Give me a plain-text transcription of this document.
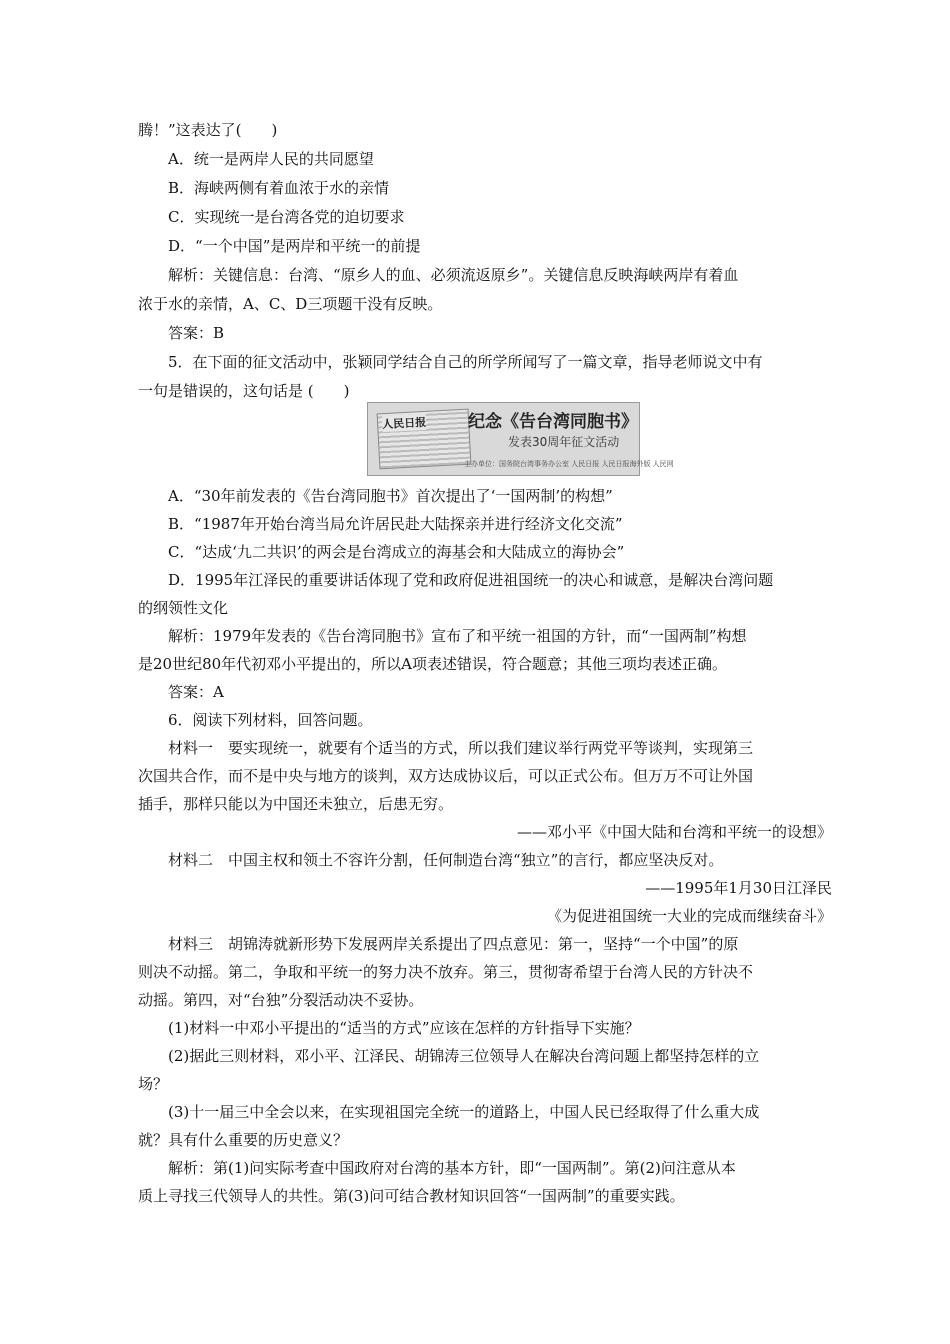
腾！”这表达了(　　)
A．统一是两岸人民的共同愿望
B．海峡两侧有着血浓于水的亲情
C．实现统一是台湾各党的迫切要求
D．“一个中国”是两岸和平统一的前提
解析：关键信息：台湾、“原乡人的血、必须流返原乡”。关键信息反映海峡两岸有着血
浓于水的亲情，A、C、D三项题干没有反映。
答案：B
5．在下面的征文活动中，张颖同学结合自己的所学所闻写了一篇文章，指导老师说文中有
一句是错误的，这句话是 (　　)
人民日报 纪念《告台湾同胞书》
发表30周年征文活动
主办单位：国务院台湾事务办公室 人民日报 人民日报海外版 人民网
A．“30年前发表的《告台湾同胞书》首次提出了‘一国两制’的构想”
B．“1987年开始台湾当局允许居民赴大陆探亲并进行经济文化交流”
C．“达成‘九二共识’的两会是台湾成立的海基会和大陆成立的海协会”
D．1995年江泽民的重要讲话体现了党和政府促进祖国统一的决心和诚意，是解决台湾问题
的纲领性文化
解析：1979年发表的《告台湾同胞书》宣布了和平统一祖国的方针，而“一国两制”构想
是20世纪80年代初邓小平提出的，所以A项表述错误，符合题意；其他三项均表述正确。
答案：A
6．阅读下列材料，回答问题。
材料一　要实现统一，就要有个适当的方式，所以我们建议举行两党平等谈判，实现第三
次国共合作，而不是中央与地方的谈判，双方达成协议后，可以正式公布。但万万不可让外国
插手，那样只能以为中国还未独立，后患无穷。
——邓小平《中国大陆和台湾和平统一的设想》
材料二　中国主权和领土不容许分割，任何制造台湾“独立”的言行，都应坚决反对。
——1995年1月30日江泽民
《为促进祖国统一大业的完成而继续奋斗》
材料三　胡锦涛就新形势下发展两岸关系提出了四点意见：第一，坚持“一个中国”的原
则决不动摇。第二，争取和平统一的努力决不放弃。第三，贯彻寄希望于台湾人民的方针决不
动摇。第四，对“台独”分裂活动决不妥协。
(1)材料一中邓小平提出的“适当的方式”应该在怎样的方针指导下实施？
(2)据此三则材料，邓小平、江泽民、胡锦涛三位领导人在解决台湾问题上都坚持怎样的立
场？
(3)十一届三中全会以来，在实现祖国完全统一的道路上，中国人民已经取得了什么重大成
就？具有什么重要的历史意义？
解析：第(1)问实际考查中国政府对台湾的基本方针，即“一国两制”。第(2)问注意从本
质上寻找三代领导人的共性。第(3)问可结合教材知识回答“一国两制”的重要实践。
